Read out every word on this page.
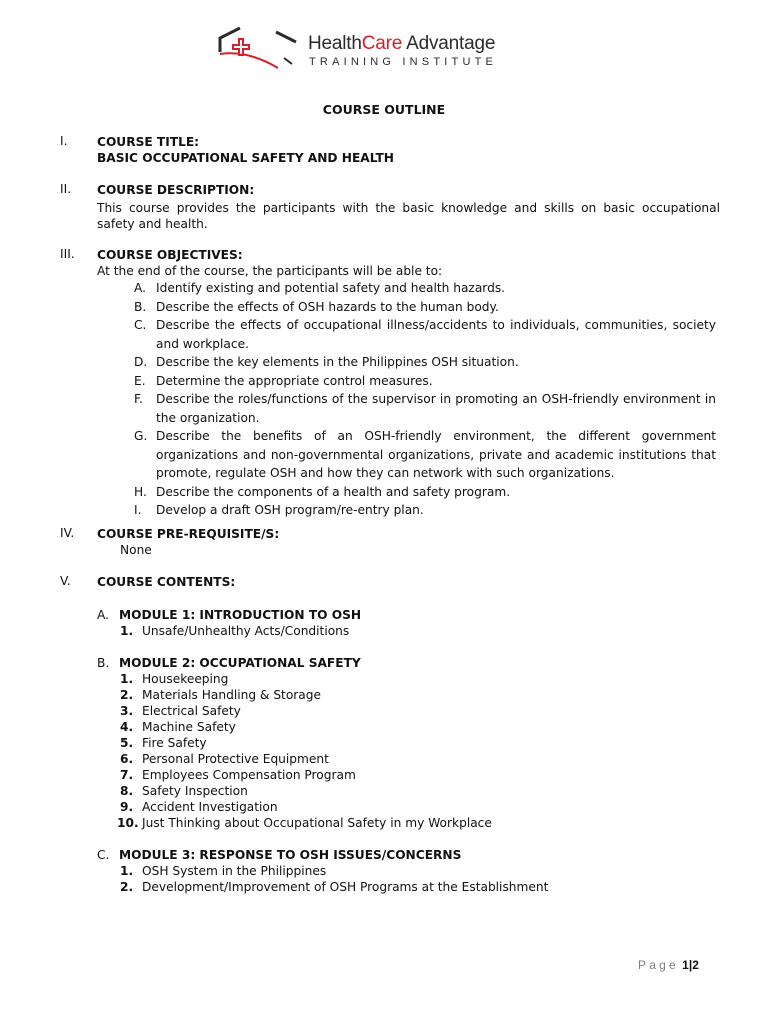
HealthCare Advantage
TRAINING INSTITUTE
COURSE OUTLINE
I.	COURSE TITLE:
BASIC OCCUPATIONAL SAFETY AND HEALTH
II.	COURSE DESCRIPTION:
This course provides the participants with the basic knowledge and skills on basic occupational safety and health.
III.	COURSE OBJECTIVES:
At the end of the course, the participants will be able to:
A. Identify existing and potential safety and health hazards.
B. Describe the effects of OSH hazards to the human body.
C. Describe the effects of occupational illness/accidents to individuals, communities, society and workplace.
D. Describe the key elements in the Philippines OSH situation.
E. Determine the appropriate control measures.
F. Describe the roles/functions of the supervisor in promoting an OSH-friendly environment in the organization.
G. Describe the benefits of an OSH-friendly environment, the different government organizations and non-governmental organizations, private and academic institutions that promote, regulate OSH and how they can network with such organizations.
H. Describe the components of a health and safety program.
I. Develop a draft OSH program/re-entry plan.
IV.	COURSE PRE-REQUISITE/S:
None
V.	COURSE CONTENTS:
A. MODULE 1: INTRODUCTION TO OSH
1. Unsafe/Unhealthy Acts/Conditions
B. MODULE 2: OCCUPATIONAL SAFETY
1. Housekeeping
2. Materials Handling & Storage
3. Electrical Safety
4. Machine Safety
5. Fire Safety
6. Personal Protective Equipment
7. Employees Compensation Program
8. Safety Inspection
9. Accident Investigation
10. Just Thinking about Occupational Safety in my Workplace
C. MODULE 3: RESPONSE TO OSH ISSUES/CONCERNS
1. OSH System in the Philippines
2. Development/Improvement of OSH Programs at the Establishment
Page 1|2
